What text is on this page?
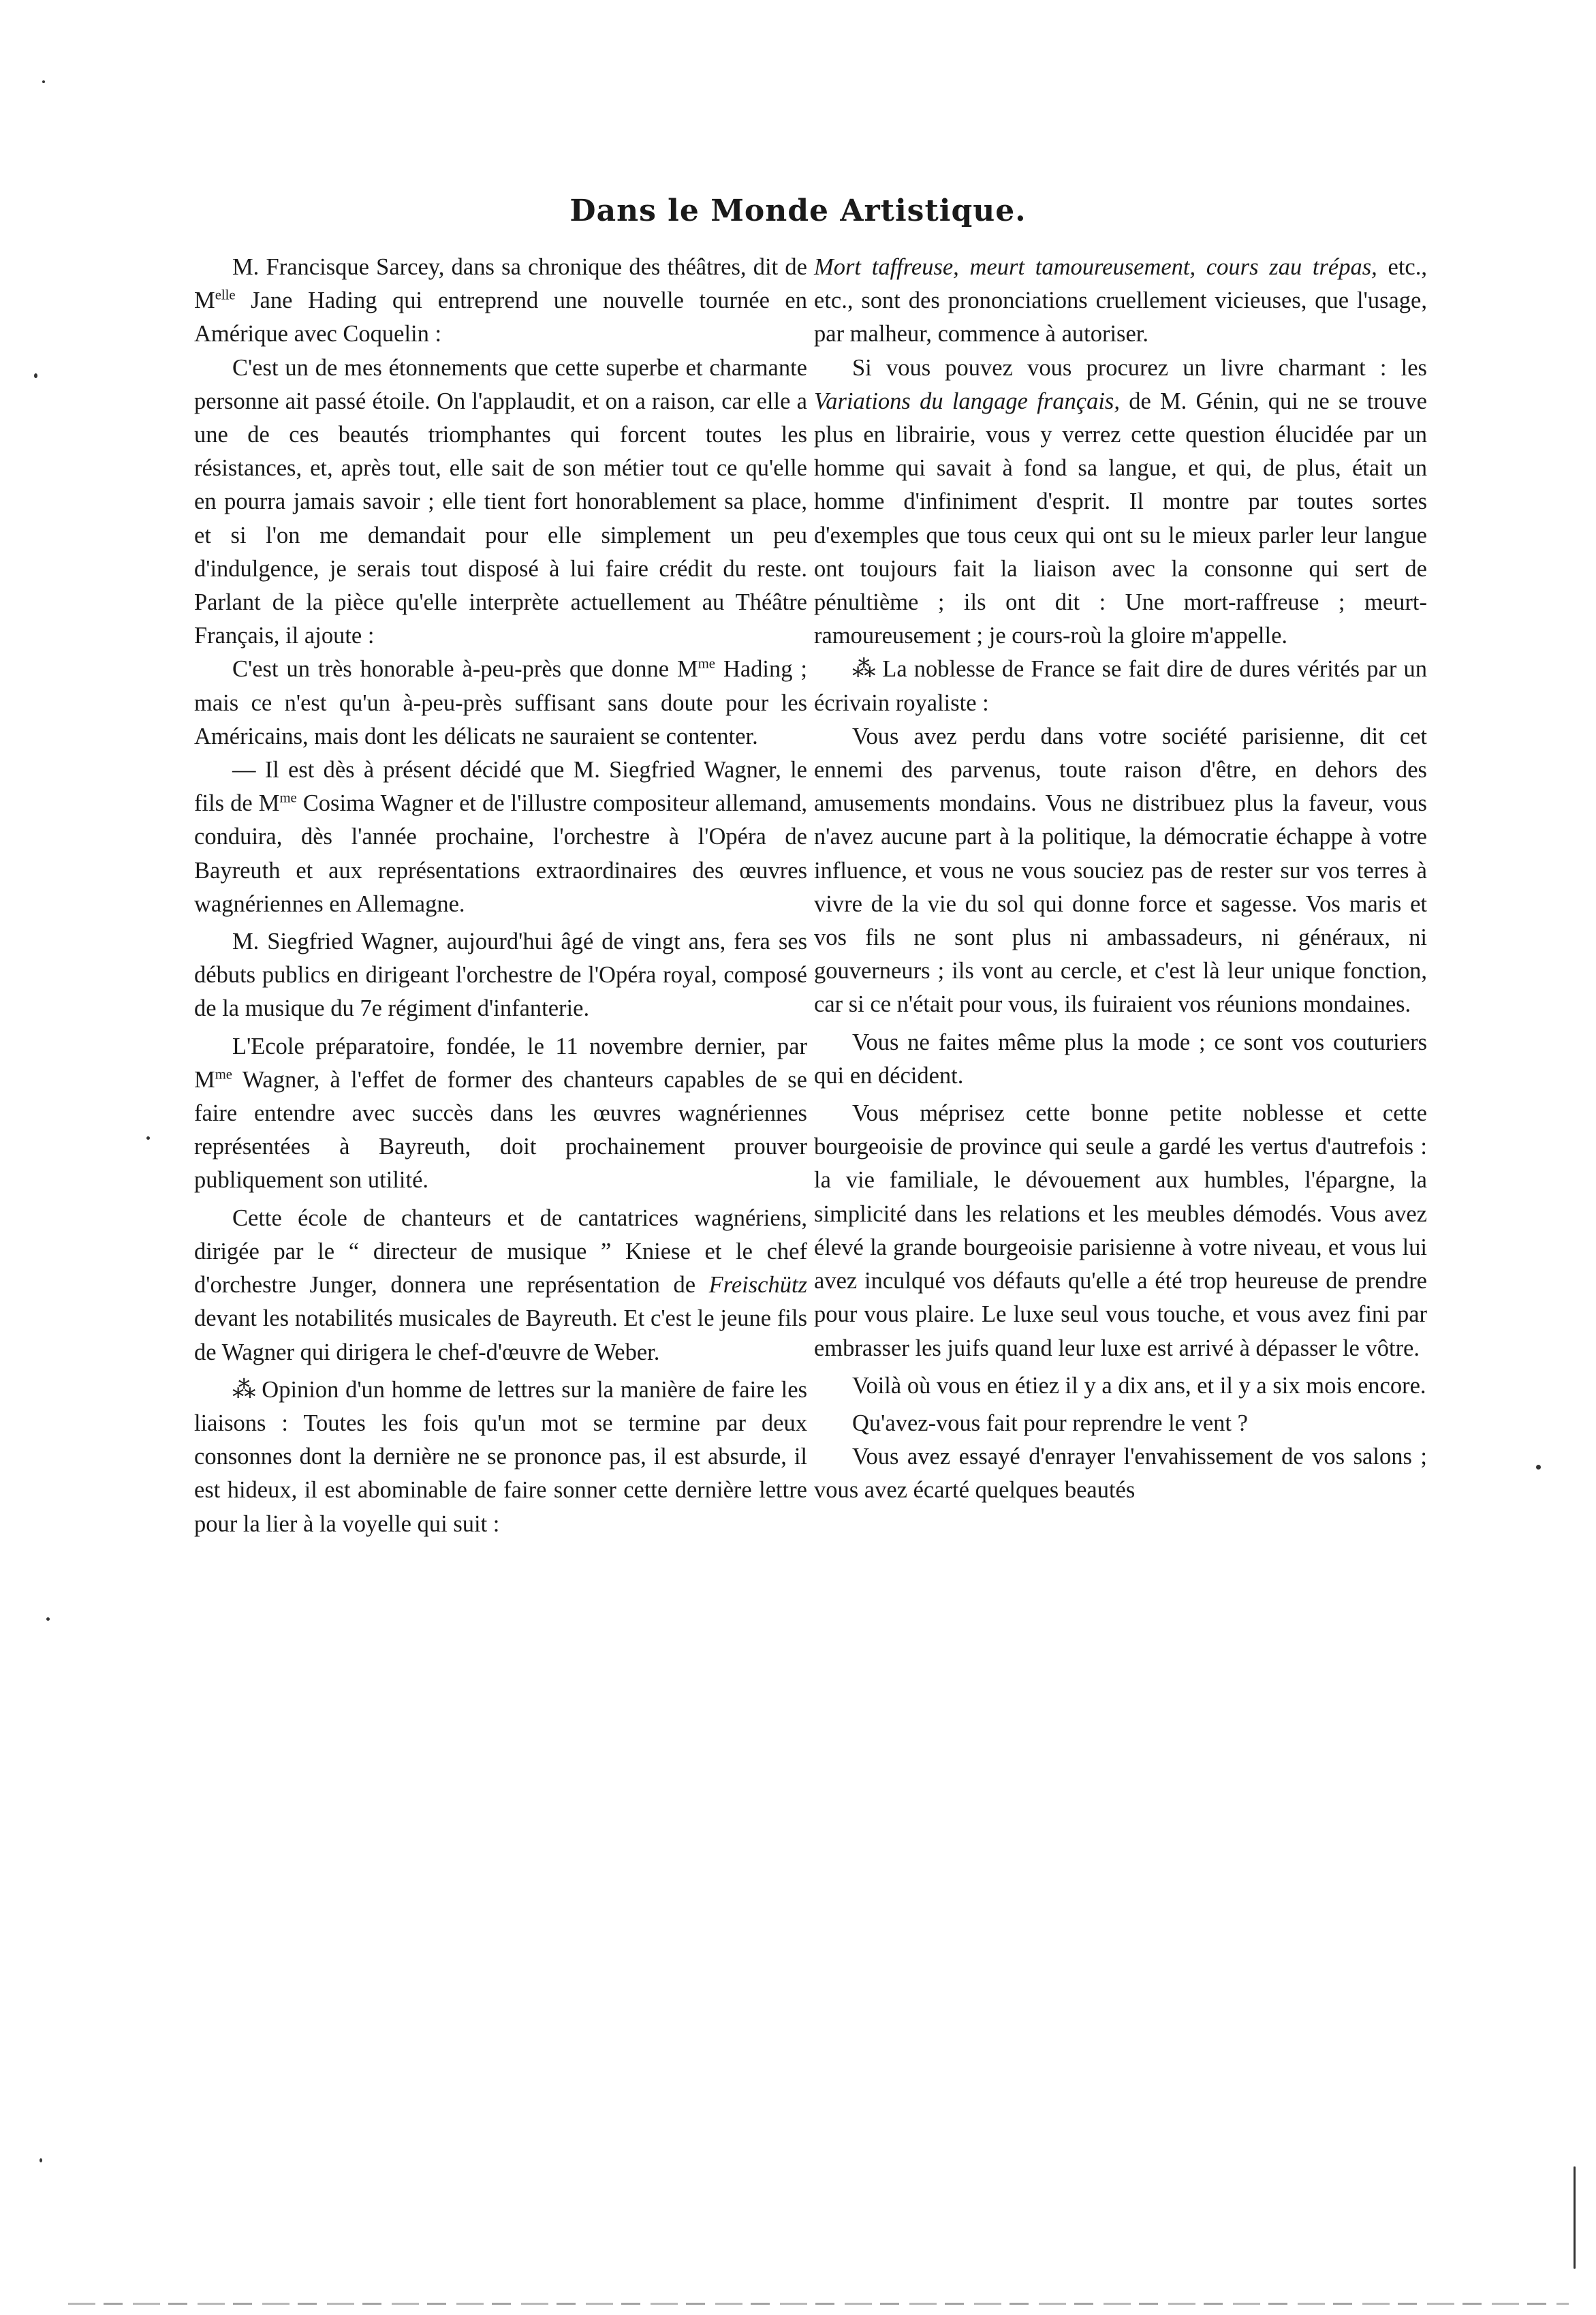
Dans le Monde Artistique.

M. Francisque Sarcey, dans sa chronique des théâtres, dit de $M^{elle}$ Jane Hading qui entreprend une nouvelle tournée en Amérique avec Coquelin :

C'est un de mes étonnements que cette superbe et charmante personne ait passé étoile. On l'applaudit, et on a raison, car elle a une de ces beautés triomphantes qui forcent toutes les résistances, et, après tout, elle sait de son métier tout ce qu'elle en pourra jamais savoir ; elle tient fort honorablement sa place, et si l'on me demandait pour elle simplement un peu d'indulgence, je serais tout disposé à lui faire crédit du reste. Parlant de la pièce qu'elle interprète actuellement au Théâtre Français, il ajoute :

C'est un très honorable à-peu-près que donne $M^{me}$ Hading ; mais ce n'est qu'un à-peu-près suffisant sans doute pour les Américains, mais dont les délicats ne sauraient se contenter.

— Il est dès à présent décidé que M. Siegfried Wagner, le fils de $M^{me}$ Cosima Wagner et de l'illustre compositeur allemand, conduira, dès l'année prochaine, l'orchestre à l'Opéra de Bayreuth et aux représentations extraordinaires des œuvres wagnériennes en Allemagne.

M. Siegfried Wagner, aujourd'hui âgé de vingt ans, fera ses débuts publics en dirigeant l'orchestre de l'Opéra royal, composé de la musique du 7e régiment d'infanterie.

L'Ecole préparatoire, fondée, le 11 novembre dernier, par $M^{me}$ Wagner, à l'effet de former des chanteurs capables de se faire entendre avec succès dans les œuvres wagnériennes représentées à Bayreuth, doit prochainement prouver publiquement son utilité.

Cette école de chanteurs et de cantatrices wagnériens, dirigée par le “ directeur de musique ” Kniese et le chef d'orchestre Junger, donnera une représentation de Freischütz devant les notabilités musicales de Bayreuth. Et c'est le jeune fils de Wagner qui dirigera le chef-d'œuvre de Weber.

⁂ Opinion d'un homme de lettres sur la manière de faire les liaisons : Toutes les fois qu'un mot se termine par deux consonnes dont la dernière ne se prononce pas, il est absurde, il est hideux, il est abominable de faire sonner cette dernière lettre pour la lier à la voyelle qui suit :

Mort taffreuse, meurt tamoureusement, cours zau trépas, etc., etc., sont des prononciations cruellement vicieuses, que l'usage, par malheur, commence à autoriser.

Si vous pouvez vous procurez un livre charmant : les Variations du langage français, de M. Génin, qui ne se trouve plus en librairie, vous y verrez cette question élucidée par un homme qui savait à fond sa langue, et qui, de plus, était un homme d'infiniment d'esprit. Il montre par toutes sortes d'exemples que tous ceux qui ont su le mieux parler leur langue ont toujours fait la liaison avec la consonne qui sert de pénultième ; ils ont dit : Une mort-raffreuse ; meurt-ramoureusement ; je cours-roù la gloire m'appelle.

⁂ La noblesse de France se fait dire de dures vérités par un écrivain royaliste :

Vous avez perdu dans votre société parisienne, dit cet ennemi des parvenus, toute raison d'être, en dehors des amusements mondains. Vous ne distribuez plus la faveur, vous n'avez aucune part à la politique, la démocratie échappe à votre influence, et vous ne vous souciez pas de rester sur vos terres à vivre de la vie du sol qui donne force et sagesse. Vos maris et vos fils ne sont plus ni ambassadeurs, ni généraux, ni gouverneurs ; ils vont au cercle, et c'est là leur unique fonction, car si ce n'était pour vous, ils fuiraient vos réunions mondaines.

Vous ne faites même plus la mode ; ce sont vos couturiers qui en décident.

Vous méprisez cette bonne petite noblesse et cette bourgeoisie de province qui seule a gardé les vertus d'autrefois : la vie familiale, le dévouement aux humbles, l'épargne, la simplicité dans les relations et les meubles démodés. Vous avez élevé la grande bourgeoisie parisienne à votre niveau, et vous lui avez inculqué vos défauts qu'elle a été trop heureuse de prendre pour vous plaire. Le luxe seul vous touche, et vous avez fini par embrasser les juifs quand leur luxe est arrivé à dépasser le vôtre.

Voilà où vous en étiez il y a dix ans, et il y a six mois encore.

Qu'avez-vous fait pour reprendre le vent ?

Vous avez essayé d'enrayer l'envahissement de vos salons ; vous avez écarté quelques beautés
